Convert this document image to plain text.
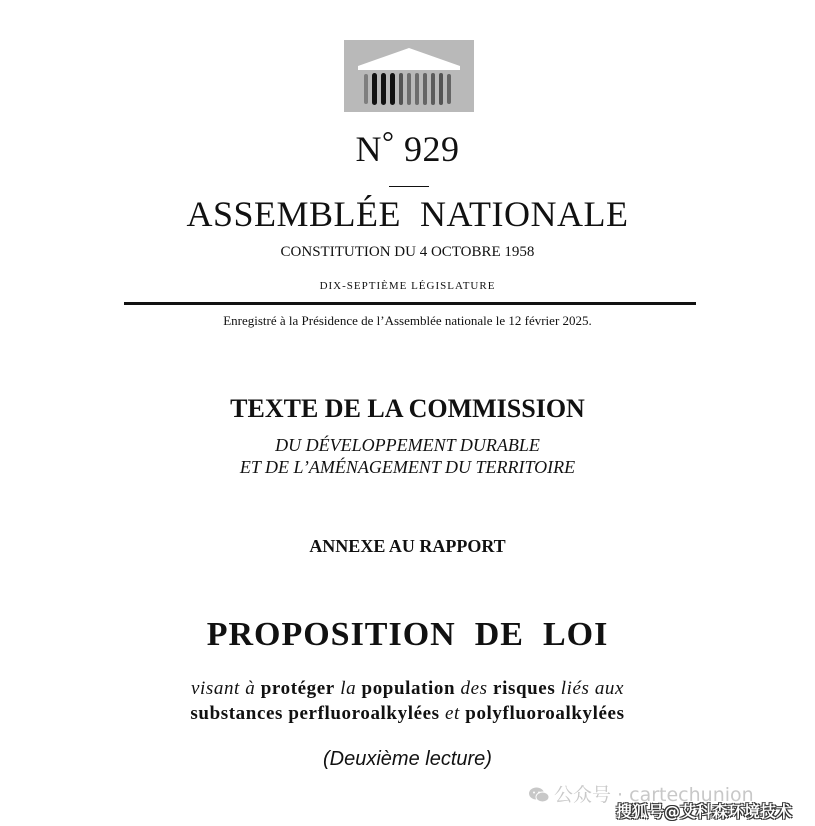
N° 929
ASSEMBLÉE  NATIONALE
CONSTITUTION DU 4 OCTOBRE 1958
DIX-SEPTIÈME LÉGISLATURE
Enregistré à la Présidence de l’Assemblée nationale le 12 février 2025.
TEXTE DE LA COMMISSION
DU DÉVELOPPEMENT DURABLE
ET DE L’AMÉNAGEMENT DU TERRITOIRE
ANNEXE AU RAPPORT
PROPOSITION  DE  LOI
visant à protéger la population des risques liés aux
substances perfluoroalkylées et polyfluoroalkylées
(Deuxième lecture)
公众号 · cartechunion
搜狐号@艾科森环境技术
